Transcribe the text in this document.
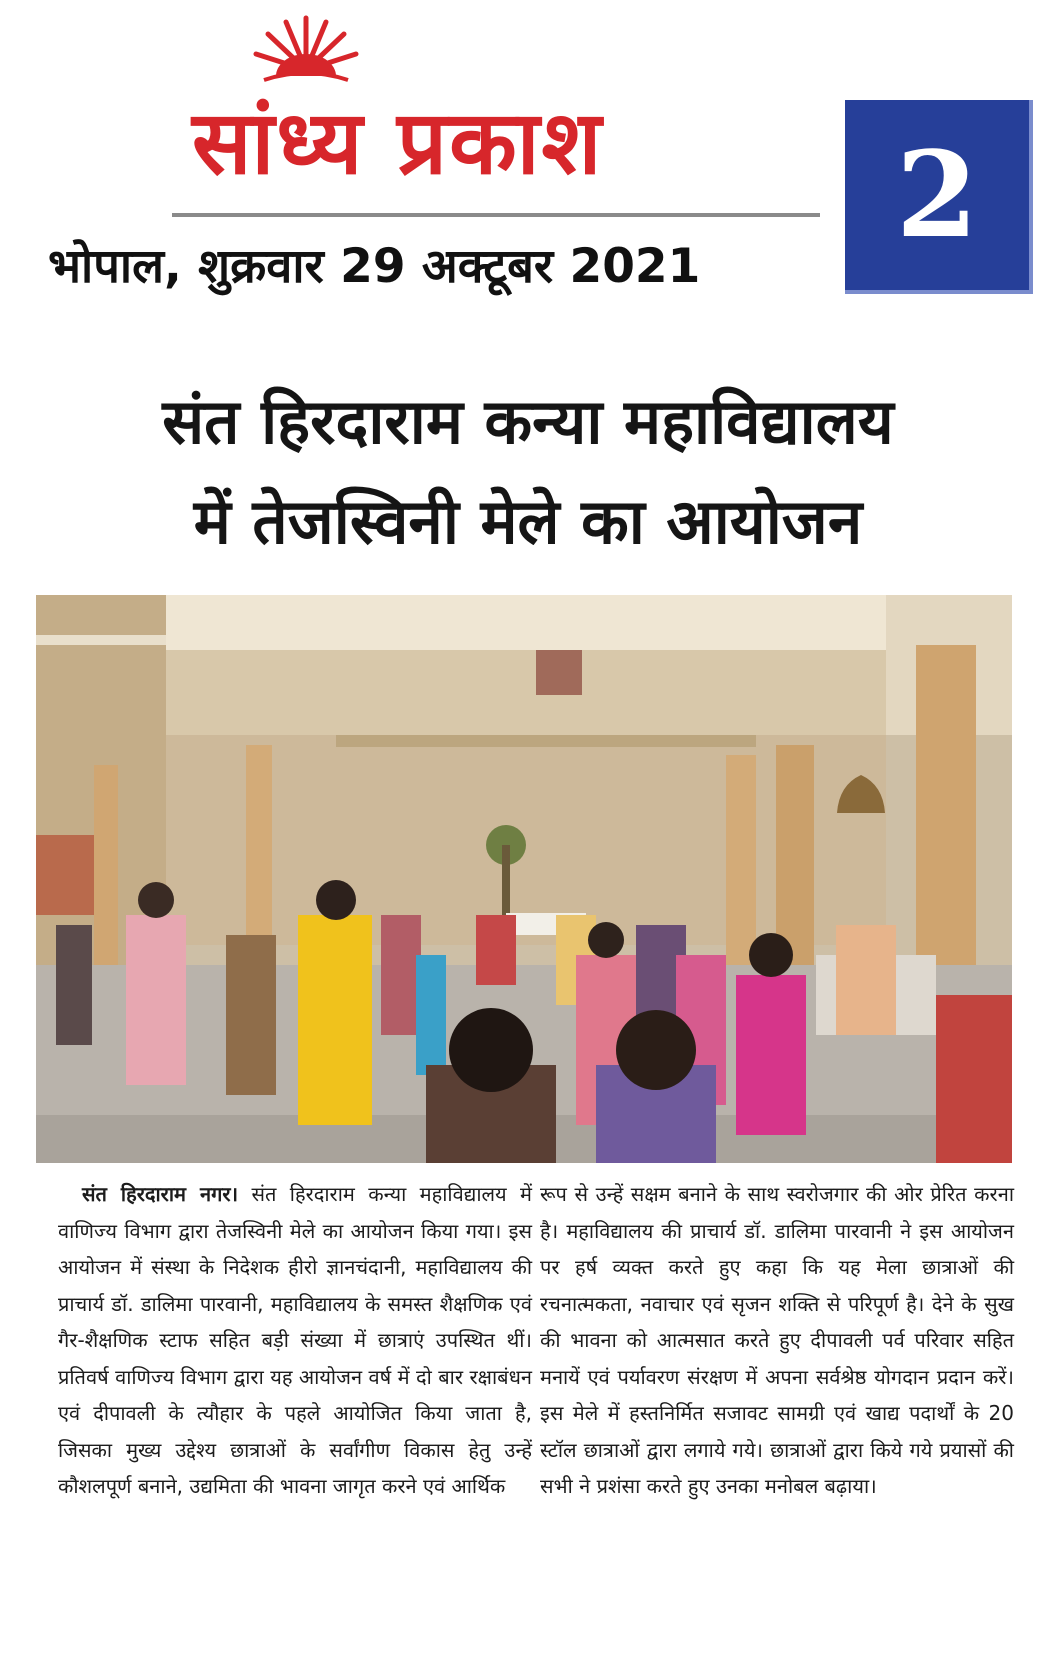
सांध्य प्रकाश
भोपाल, शुक्रवार 29 अक्टूबर 2021
2
संत हिरदाराम कन्या महाविद्यालय
में तेजस्विनी मेले का आयोजन

संत हिरदाराम नगर। संत हिरदाराम कन्या महाविद्यालय में वाणिज्य विभाग द्वारा तेजस्विनी मेले का आयोजन किया गया। इस आयोजन में संस्था के निदेशक हीरो ज्ञानचंदानी, महाविद्यालय की प्राचार्य डॉ. डालिमा पारवानी, महाविद्यालय के समस्त शैक्षणिक एवं गैर-शैक्षणिक स्टाफ सहित बड़ी संख्या में छात्राएं उपस्थित थीं। प्रतिवर्ष वाणिज्य विभाग द्वारा यह आयोजन वर्ष में दो बार रक्षाबंधन एवं दीपावली के त्यौहार के पहले आयोजित किया जाता है, जिसका मुख्य उद्देश्य छात्राओं के सर्वांगीण विकास हेतु उन्हें कौशलपूर्ण बनाने, उद्यमिता की भावना जागृत करने एवं आर्थिक

रूप से उन्हें सक्षम बनाने के साथ स्वरोजगार की ओर प्रेरित करना है। महाविद्यालय की प्राचार्य डॉ. डालिमा पारवानी ने इस आयोजन पर हर्ष व्यक्त करते हुए कहा कि यह मेला छात्राओं की रचनात्मकता, नवाचार एवं सृजन शक्ति से परिपूर्ण है। देने के सुख की भावना को आत्मसात करते हुए दीपावली पर्व परिवार सहित मनायें एवं पर्यावरण संरक्षण में अपना सर्वश्रेष्ठ योगदान प्रदान करें। इस मेले में हस्तनिर्मित सजावट सामग्री एवं खाद्य पदार्थों के 20 स्टॉल छात्राओं द्वारा लगाये गये। छात्राओं द्वारा किये गये प्रयासों की सभी ने प्रशंसा करते हुए उनका मनोबल बढ़ाया।
